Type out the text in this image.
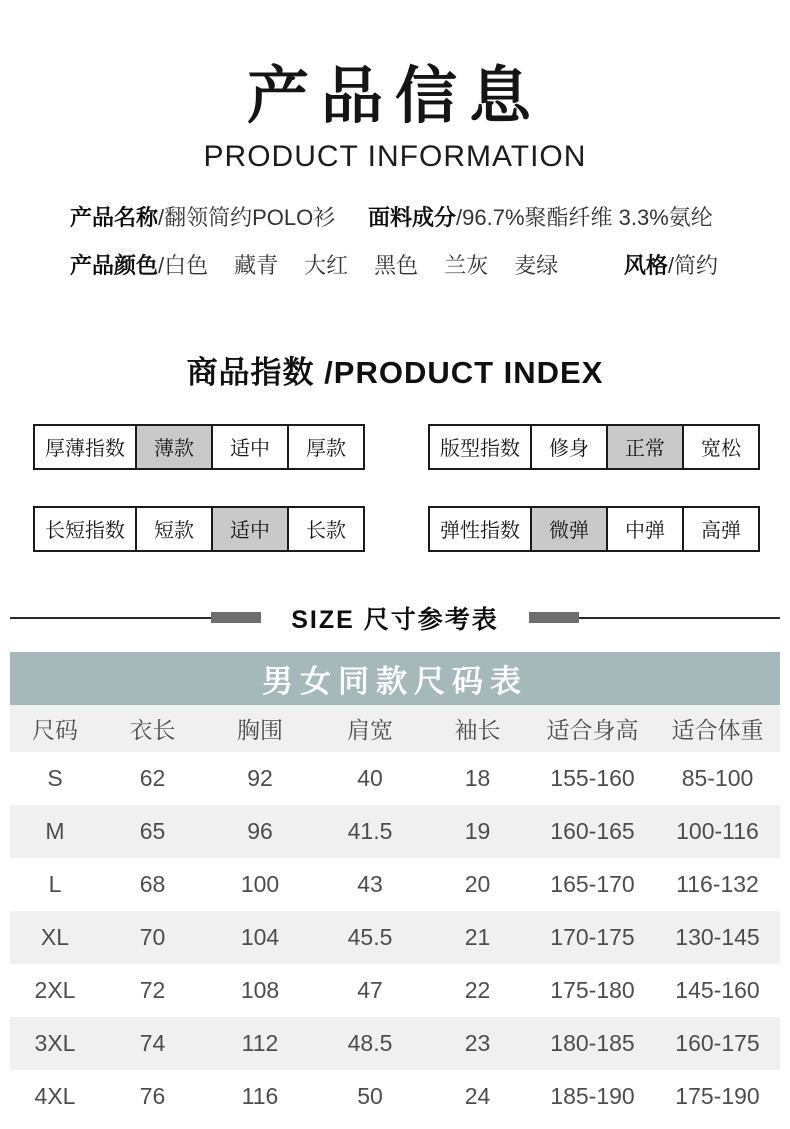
产品信息
PRODUCT INFORMATION
产品名称 /翻领简约POLO衫 面料成分 /96.7%聚酯纤维 3.3%氨纶
产品颜色 /白色 藏青 大红 黑色 兰灰 麦绿	风格 /简约
商品指数 /PRODUCT INDEX
厚薄指数	薄款	适中	厚款	版型指数	修身	正常	宽松
长短指数	短款	适中	长款	弹性指数	微弹	中弹	高弹
SIZE 尺寸参考表
男女同款尺码表
尺码	衣长	胸围	肩宽	袖长	适合身高	适合体重
S	62	92	40	18	155-160	85-100
M	65	96	41.5	19	160-165	100-116
L	68	100	43	20	165-170	116-132
XL	70	104	45.5	21	170-175	130-145
2XL	72	108	47	22	175-180	145-160
3XL	74	112	48.5	23	180-185	160-175
4XL	76	116	50	24	185-190	175-190
